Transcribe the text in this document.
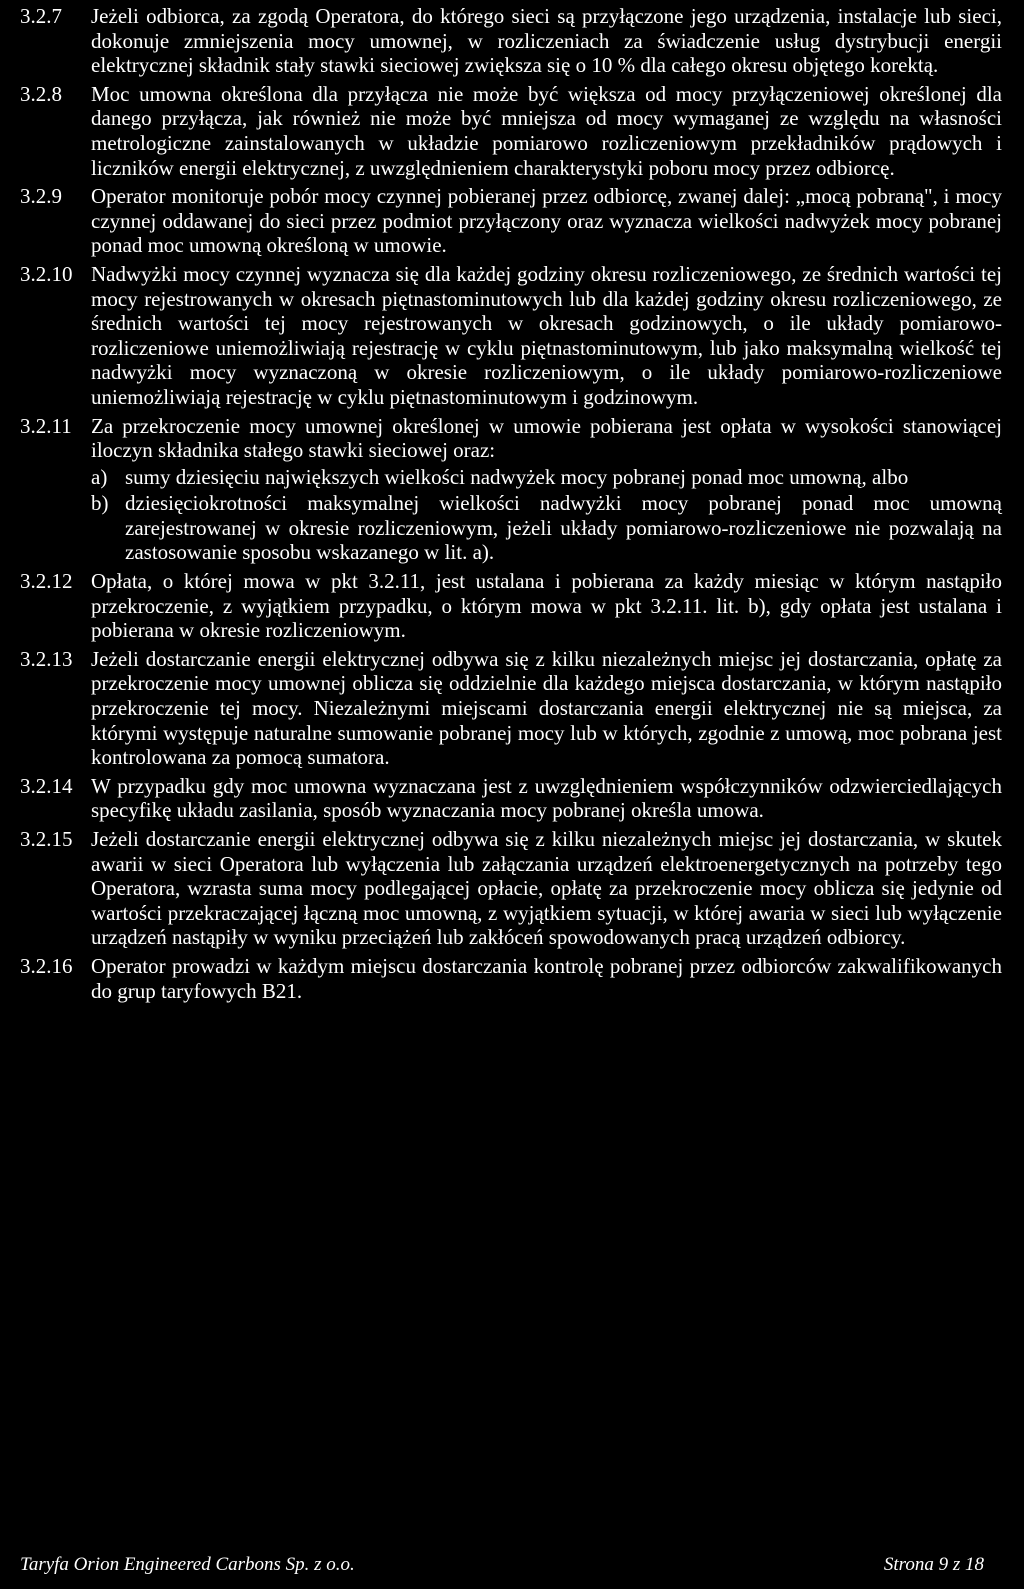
3.2.7	Jeżeli odbiorca, za zgodą Operatora, do którego sieci są przyłączone jego urządzenia, instalacje lub sieci, dokonuje zmniejszenia mocy umownej, w rozliczeniach za świadczenie usług dystrybucji energii elektrycznej składnik stały stawki sieciowej zwiększa się o 10 % dla całego okresu objętego korektą.
3.2.8	Moc umowna określona dla przyłącza nie może być większa od mocy przyłączeniowej określonej dla danego przyłącza, jak również nie może być mniejsza od mocy wymaganej ze względu na własności metrologiczne zainstalowanych w układzie pomiarowo rozliczeniowym przekładników prądowych i liczników energii elektrycznej, z uwzględnieniem charakterystyki poboru mocy przez odbiorcę.
3.2.9	Operator monitoruje pobór mocy czynnej pobieranej przez odbiorcę, zwanej dalej: „mocą pobraną", i mocy czynnej oddawanej do sieci przez podmiot przyłączony oraz wyznacza wielkości nadwyżek mocy pobranej ponad moc umowną określoną w umowie.
3.2.10 Nadwyżki mocy czynnej wyznacza się dla każdej godziny okresu rozliczeniowego, ze średnich wartości tej mocy rejestrowanych w okresach piętnastominutowych lub dla każdej godziny okresu rozliczeniowego, ze średnich wartości tej mocy rejestrowanych w okresach godzinowych, o ile układy pomiarowo-rozliczeniowe uniemożliwiają rejestrację w cyklu piętnastominutowym, lub jako maksymalną wielkość tej nadwyżki mocy wyznaczoną w okresie rozliczeniowym, o ile układy pomiarowo-rozliczeniowe uniemożliwiają rejestrację w cyklu piętnastominutowym i godzinowym.
3.2.11 Za przekroczenie mocy umownej określonej w umowie pobierana jest opłata w wysokości stanowiącej iloczyn składnika stałego stawki sieciowej oraz:
a) sumy dziesięciu największych wielkości nadwyżek mocy pobranej ponad moc umowną, albo
b) dziesięciokrotności maksymalnej wielkości nadwyżki mocy pobranej ponad moc umowną zarejestrowanej w okresie rozliczeniowym, jeżeli układy pomiarowo-rozliczeniowe nie pozwalają na zastosowanie sposobu wskazanego w lit. a).
3.2.12 Opłata, o której mowa w pkt 3.2.11, jest ustalana i pobierana za każdy miesiąc w którym nastąpiło przekroczenie, z wyjątkiem przypadku, o którym mowa w pkt 3.2.11. lit. b), gdy opłata jest ustalana i pobierana w okresie rozliczeniowym.
3.2.13 Jeżeli dostarczanie energii elektrycznej odbywa się z kilku niezależnych miejsc jej dostarczania, opłatę za przekroczenie mocy umownej oblicza się oddzielnie dla każdego miejsca dostarczania, w którym nastąpiło przekroczenie tej mocy. Niezależnymi miejscami dostarczania energii elektrycznej nie są miejsca, za którymi występuje naturalne sumowanie pobranej mocy lub w których, zgodnie z umową, moc pobrana jest kontrolowana za pomocą sumatora.
3.2.14 W przypadku gdy moc umowna wyznaczana jest z uwzględnieniem współczynników odzwierciedlających specyfikę układu zasilania, sposób wyznaczania mocy pobranej określa umowa.
3.2.15 Jeżeli dostarczanie energii elektrycznej odbywa się z kilku niezależnych miejsc jej dostarczania, w skutek awarii w sieci Operatora lub wyłączenia lub załączania urządzeń elektroenergetycznych na potrzeby tego Operatora, wzrasta suma mocy podlegającej opłacie, opłatę za przekroczenie mocy oblicza się jedynie od wartości przekraczającej łączną moc umowną, z wyjątkiem sytuacji, w której awaria w sieci lub wyłączenie urządzeń nastąpiły w wyniku przeciążeń lub zakłóceń spowodowanych pracą urządzeń odbiorcy.
3.2.16 Operator prowadzi w każdym miejscu dostarczania kontrolę pobranej przez odbiorców zakwalifikowanych do grup taryfowych B21.
Taryfa Orion Engineered Carbons Sp. z o.o.	Strona 9 z 18
